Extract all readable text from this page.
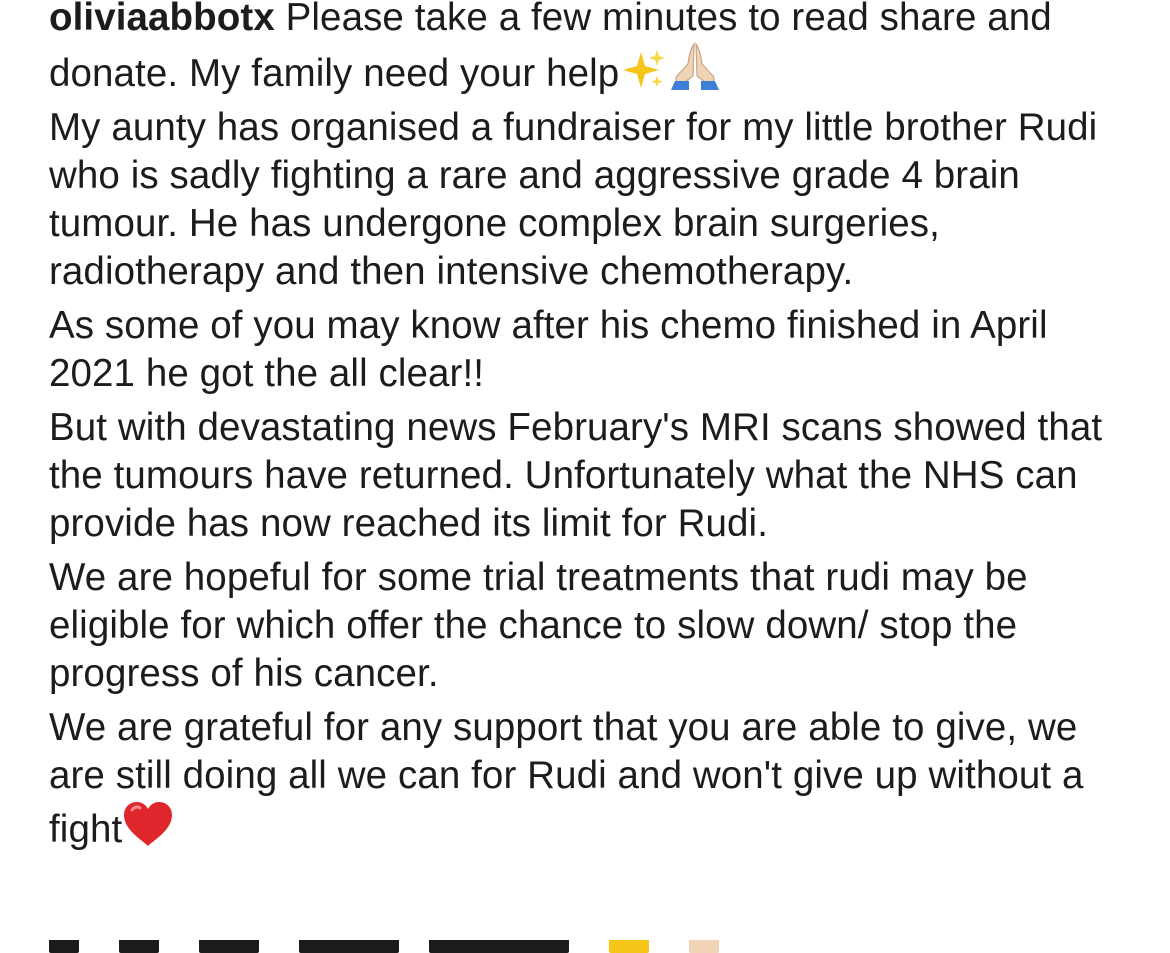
oliviaabbotx Please take a few minutes to read share and donate. My family need your help

My aunty has organised a fundraiser for my little brother Rudi who is sadly fighting a rare and aggressive grade 4 brain tumour. He has undergone complex brain surgeries, radiotherapy and then intensive chemotherapy.

As some of you may know after his chemo finished in April 2021 he got the all clear!!

But with devastating news February's MRI scans showed that the tumours have returned. Unfortunately what the NHS can provide has now reached its limit for Rudi.

We are hopeful for some trial treatments that rudi may be eligible for which offer the chance to slow down/ stop the progress of his cancer.

We are grateful for any support that you are able to give, we are still doing all we can for Rudi and won't give up without a fight
